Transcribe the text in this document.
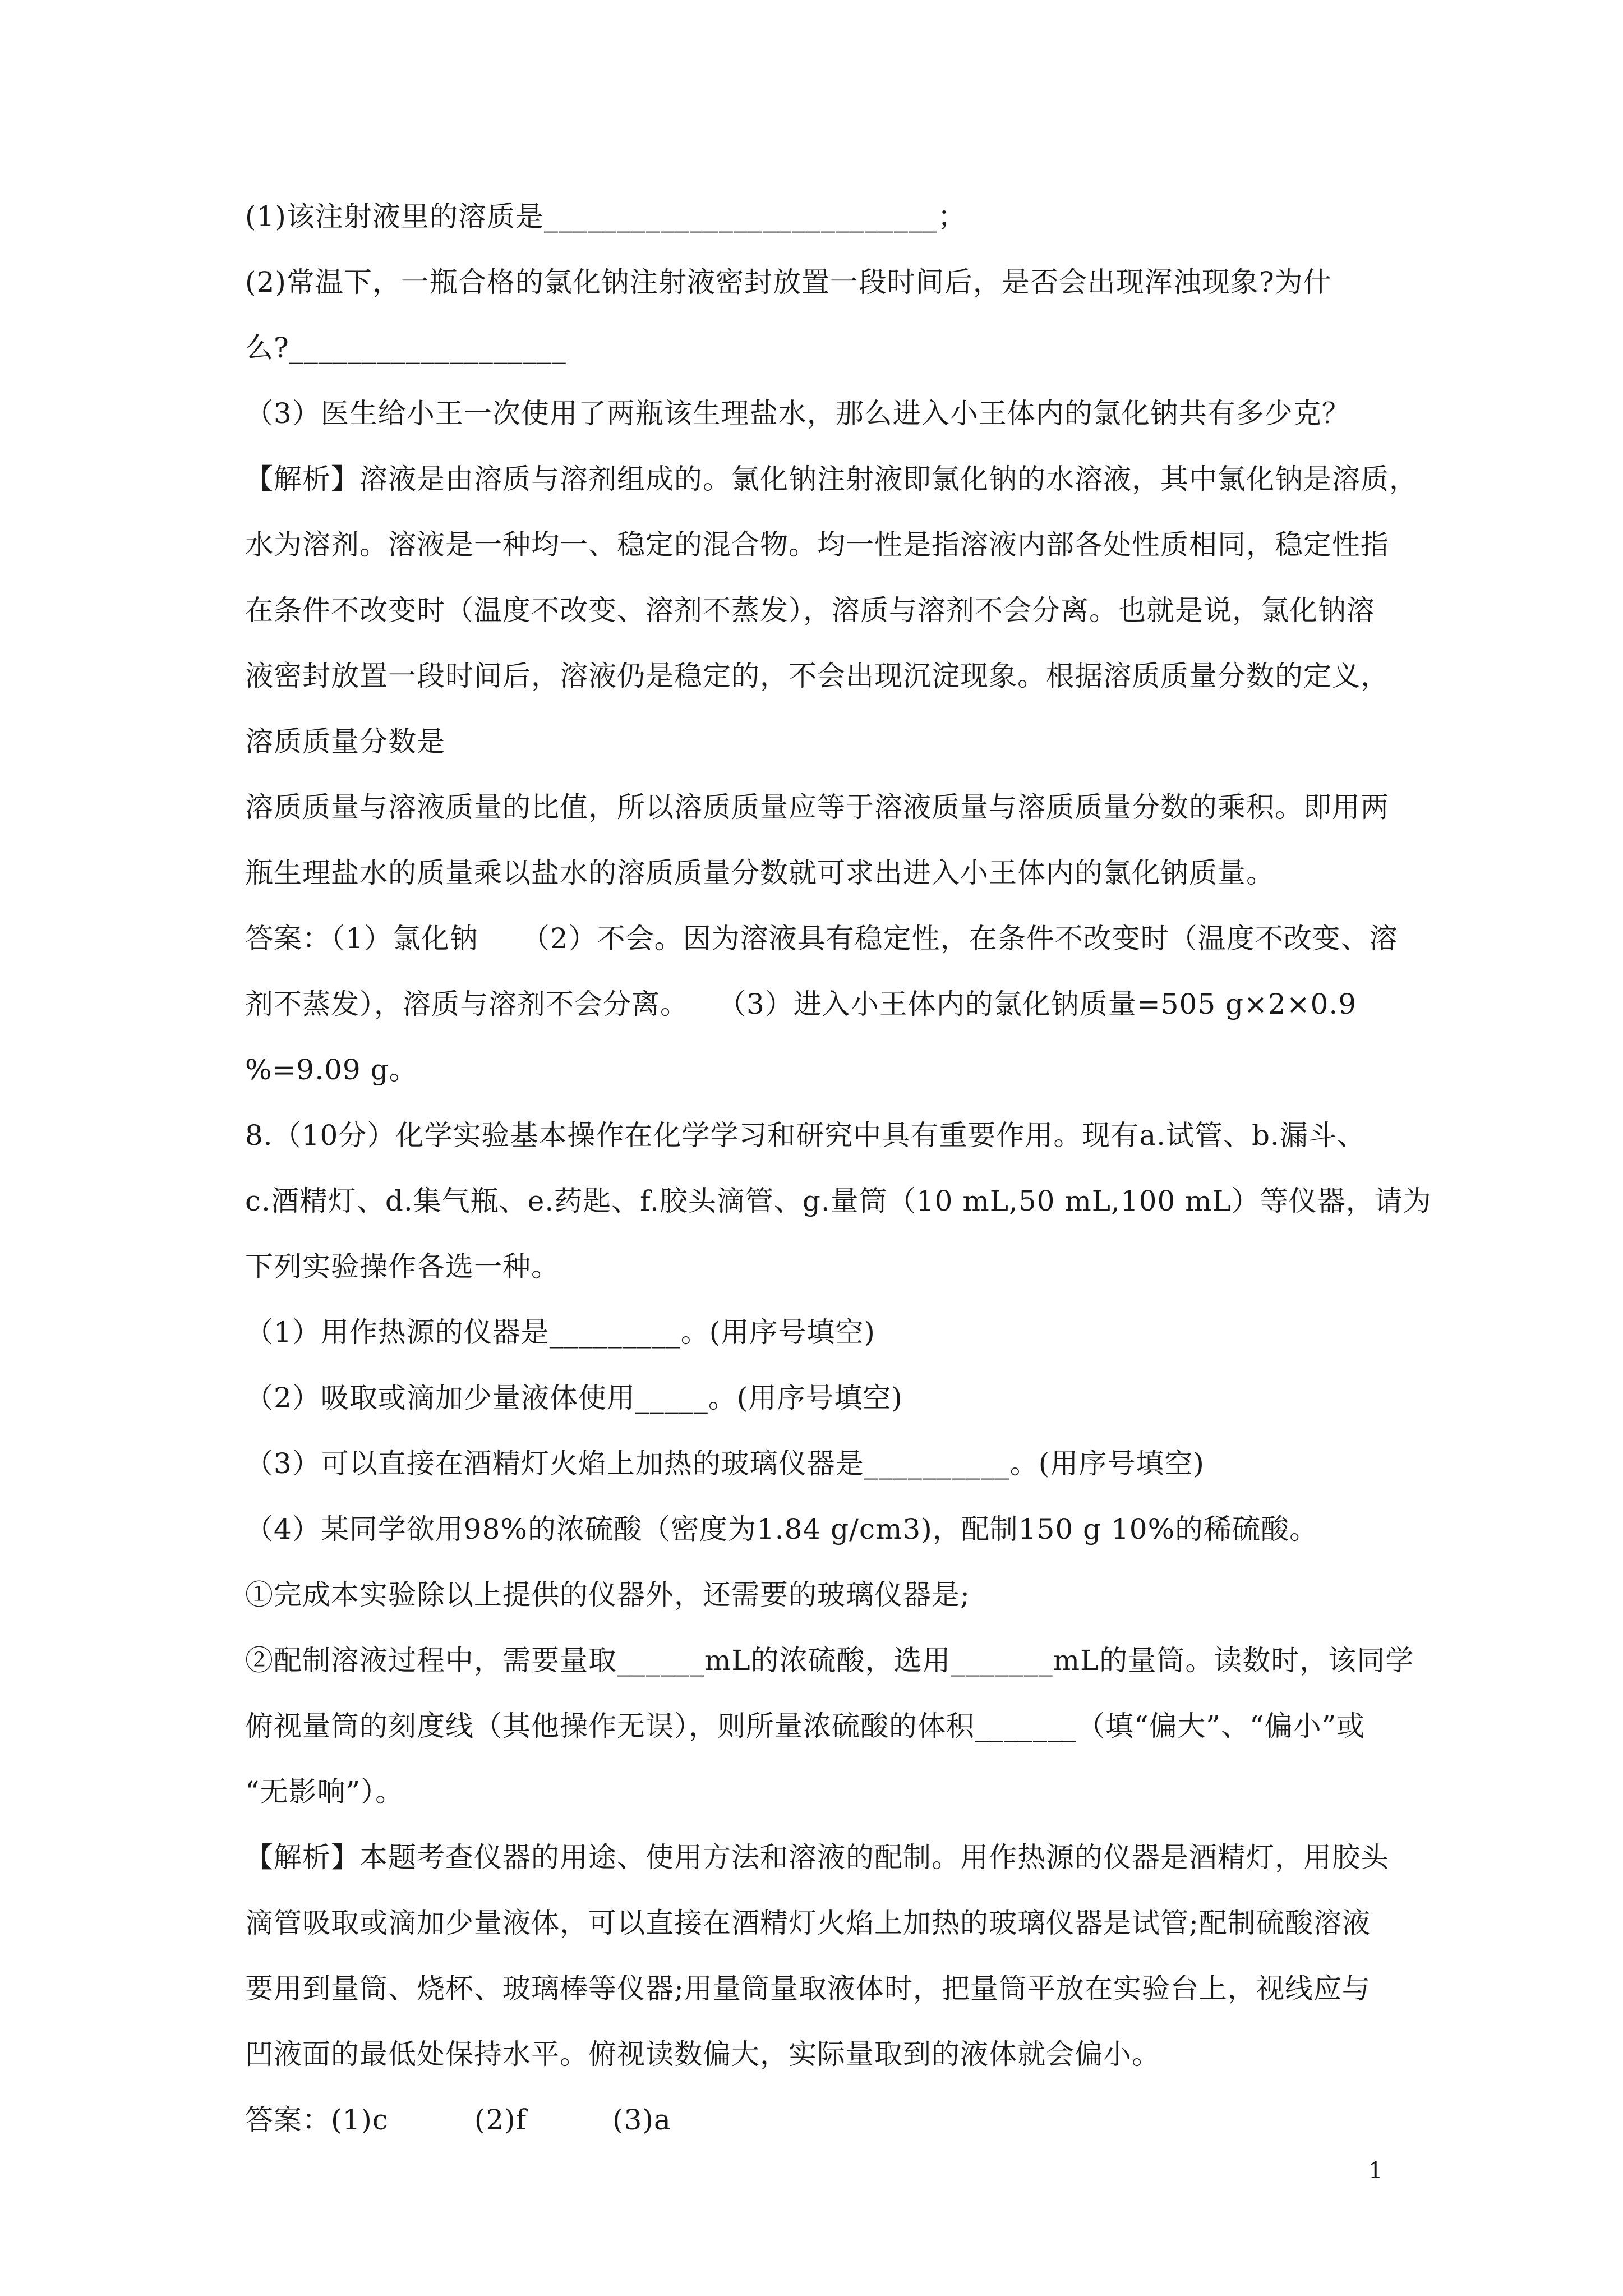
(1)该注射液里的溶质是___________________________；
(2)常温下，一瓶合格的氯化钠注射液密封放置一段时间后，是否会出现浑浊现象?为什
么?___________________
（3）医生给小王一次使用了两瓶该生理盐水，那么进入小王体内的氯化钠共有多少克？
【解析】溶液是由溶质与溶剂组成的。氯化钠注射液即氯化钠的水溶液，其中氯化钠是溶质，
水为溶剂。溶液是一种均一、稳定的混合物。均一性是指溶液内部各处性质相同，稳定性指
在条件不改变时（温度不改变、溶剂不蒸发），溶质与溶剂不会分离。也就是说，氯化钠溶
液密封放置一段时间后，溶液仍是稳定的，不会出现沉淀现象。根据溶质质量分数的定义，
溶质质量分数是
溶质质量与溶液质量的比值，所以溶质质量应等于溶液质量与溶质质量分数的乘积。即用两
瓶生理盐水的质量乘以盐水的溶质质量分数就可求出进入小王体内的氯化钠质量。
答案：（1）氯化钠　　（2）不会。因为溶液具有稳定性，在条件不改变时（温度不改变、溶
剂不蒸发），溶质与溶剂不会分离。　　（3）进入小王体内的氯化钠质量=505 g×2×0.9
%=9.09 g。
8.（10分）化学实验基本操作在化学学习和研究中具有重要作用。现有a.试管、b.漏斗、
c.酒精灯、d.集气瓶、e.药匙、f.胶头滴管、g.量筒（10 mL,50 mL,100 mL）等仪器，请为
下列实验操作各选一种。
（1）用作热源的仪器是_________。(用序号填空)
（2）吸取或滴加少量液体使用_____。(用序号填空)
（3）可以直接在酒精灯火焰上加热的玻璃仪器是__________。(用序号填空)
（4）某同学欲用98%的浓硫酸（密度为1.84 g/cm3)，配制150 g 10%的稀硫酸。
①完成本实验除以上提供的仪器外，还需要的玻璃仪器是;
②配制溶液过程中，需要量取______mL的浓硫酸，选用_______mL的量筒。读数时，该同学
俯视量筒的刻度线（其他操作无误），则所量浓硫酸的体积_______（填“偏大”、“偏小”或
“无影响”）。
【解析】本题考查仪器的用途、使用方法和溶液的配制。用作热源的仪器是酒精灯，用胶头
滴管吸取或滴加少量液体，可以直接在酒精灯火焰上加热的玻璃仪器是试管;配制硫酸溶液
要用到量筒、烧杯、玻璃棒等仪器;用量筒量取液体时，把量筒平放在实验台上，视线应与
凹液面的最低处保持水平。俯视读数偏大，实际量取到的液体就会偏小。
答案：(1)c　　　(2)f　　　(3)a
1
